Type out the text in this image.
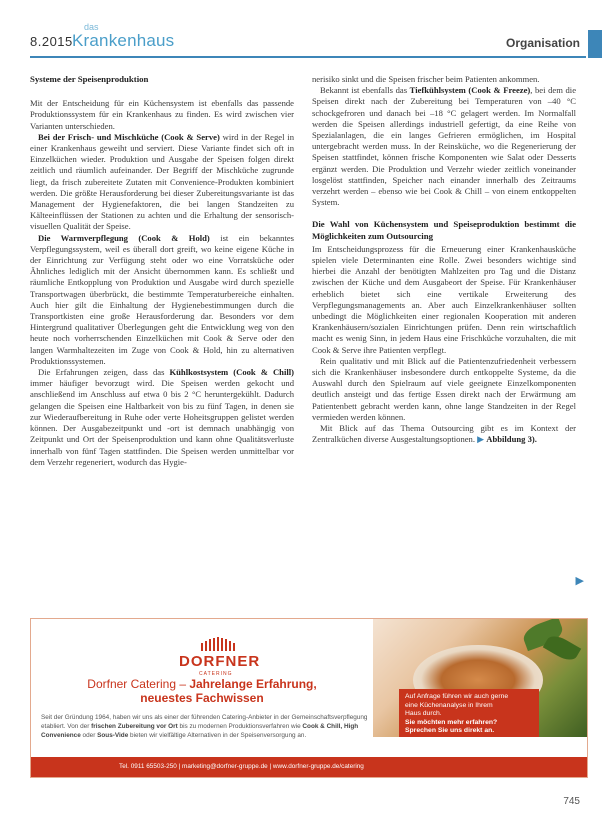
8.2015
das
Krankenhaus	Organisation
Systeme der Speisenproduktion

Mit der Entscheidung für ein Küchensystem ist ebenfalls das passende Produktionssystem für ein Krankenhaus zu finden. Es wird zwischen vier Varianten unterschieden.

Bei der Frisch- und Mischküche (Cook & Serve) wird in der Regel in einer Krankenhaus geweiht und serviert. Diese Variante findet sich oft in Einzelküchen wieder. Produktion und Ausgabe der Speisen folgen direkt zeitlich und räumlich aufeinander. Der Begriff der Mischküche zugrunde liegt, da frisch zubereitete Zutaten mit Convenience-Produkten kombiniert werden. Die größte Herausforderung bei dieser Zubereitungsvariante ist das Management der Hygienefaktoren, die bei langen Standzeiten zu Kälteeinflüssen der Stationen zu achten und die Erhaltung der sensorisch-visuellen Qualität der Speise.

Die Warmverpflegung (Cook & Hold) ist ein bekanntes Verpflegungssystem, weil es überall dort greift, wo keine eigene Küche in der Einrichtung zur Verfügung steht oder wo eine Vorratsküche oder Ähnliches lediglich mit der Ansicht übernommen kann. Es schließt und räumliche Entkopplung von Produktion und Ausgabe wird durch spezielle Transportwagen überbrückt, die bestimmte Temperaturbereiche einhalten. Auch hier gilt die Einhaltung der Hygienebestimmungen durch die Transportkisten eine große Herausforderung dar. Besonders vor dem Hintergrund qualitativer Überlegungen geht die Entwicklung weg von den heute noch vorherrschenden Einzelküchen mit Cook & Serve oder den langen Warmhaltezeiten im Zuge von Cook & Hold, hin zu alternativen Produktionssystemen.

Die Erfahrungen zeigen, dass das Kühlkostsystem (Cook & Chill) immer häufiger bevorzugt wird. Die Speisen werden gekocht und anschließend im Anschluss auf etwa 0 bis 2 °C heruntergekühlt. Dadurch gelangen die Speisen eine Haltbarkeit von bis zu fünf Tagen, in denen sie zur Wiederaufbereitung in Ruhe oder verte Hoheitsgruppen gelistet werden können. Der Ausgabezeitpunkt und -ort ist demnach unabhängig von Zeitpunkt und Ort der Speisenproduktion und kann ohne Qualitätsverluste innerhalb von fünf Tagen stattfinden. Die Speisen werden unmittelbar vor dem Verzehr regeneriert, wodurch das Hygie-

nerisiko sinkt und die Speisen frischer beim Patienten ankommen.

Bekannt ist ebenfalls das Tiefkühlsystem (Cook & Freeze), bei dem die Speisen direkt nach der Zubereitung bei Temperaturen von –40 °C schockgefroren und danach bei –18 °C gelagert werden. Im Normalfall werden die Speisen allerdings industriell gefertigt, da eine Reihe von Spezialanlagen, die ein langes Gefrieren ermöglichen, im Hospital untergebracht werden muss. In der Reinsküche, wo die Regenerierung der Speisen stattfindet, können frische Komponenten wie Salat oder Desserts ergänzt werden. Die Produktion und Verzehr wieder zeitlich voneinander losgelöst stattfinden, Speicher nach einander innerhalb des Zeitraums verzehrt werden – ebenso wie bei Cook & Chill – von einem entkoppelten System.

Die Wahl von Küchensystem und Speiseproduktion bestimmt die Möglichkeiten zum Outsourcing

Im Entscheidungsprozess für die Erneuerung einer Krankenhausküche spielen viele Determinanten eine Rolle. Zwei besonders wichtige sind hierbei die Anzahl der benötigten Mahlzeiten pro Tag und die Distanz zwischen der Küche und dem Ausgabeort der Speise. Für Krankenhäuser erheblich bietet sich eine vertikale Erweiterung des Verpflegungsmanagements an. Aber auch Einzelkrankenhäuser sollten unbedingt die Möglichkeiten einer regionalen Kooperation mit anderen Krankenhäusern/sozialen Einrichtungen prüfen. Denn rein wirtschaftlich macht es wenig Sinn, in jedem Haus eine Frischküche vorzuhalten, die mit Cook & Serve ihre Patienten verpflegt.

Rein qualitativ und mit Blick auf die Patientenzufriedenheit verbessern sich die Krankenhäuser insbesondere durch entkoppelte Systeme, da die Auswahl durch den Spielraum auf viele geeignete Einzelkomponenten deutlich ansteigt und das fertige Essen direkt nach der Erwärmung am Patientenbett gebracht werden kann, ohne lange Standzeiten in der Regel vermieden werden können.

Mit Blick auf das Thema Outsourcing gibt es im Kontext der Zentralküchen diverse Ausgestaltungsoptionen. ▶ Abbildung 3).

▶
DORFNER
CATERING
Dorfner Catering – Jahrelange Erfahrung,
neuestes Fachwissen
Seit der Gründung 1964, haben wir uns als einer der führenden Catering-Anbieter in der Gemeinschaftsverpflegung etabliert. Von der frischen Zubereitung vor Ort bis zu modernen Produktionsverfahren wie Cook & Chill, High Convenience oder Sous-Vide bieten wir vielfältige Alternativen in der Speisenversorgung an.
Auf Anfrage führen wir auch gerne
eine Küchenanalyse in Ihrem
Haus durch.
Sie möchten mehr erfahren?
Sprechen Sie uns direkt an.
Tel. 0911 65503-250 | marketing@dorfner-gruppe.de | www.dorfner-gruppe.de/catering
745
